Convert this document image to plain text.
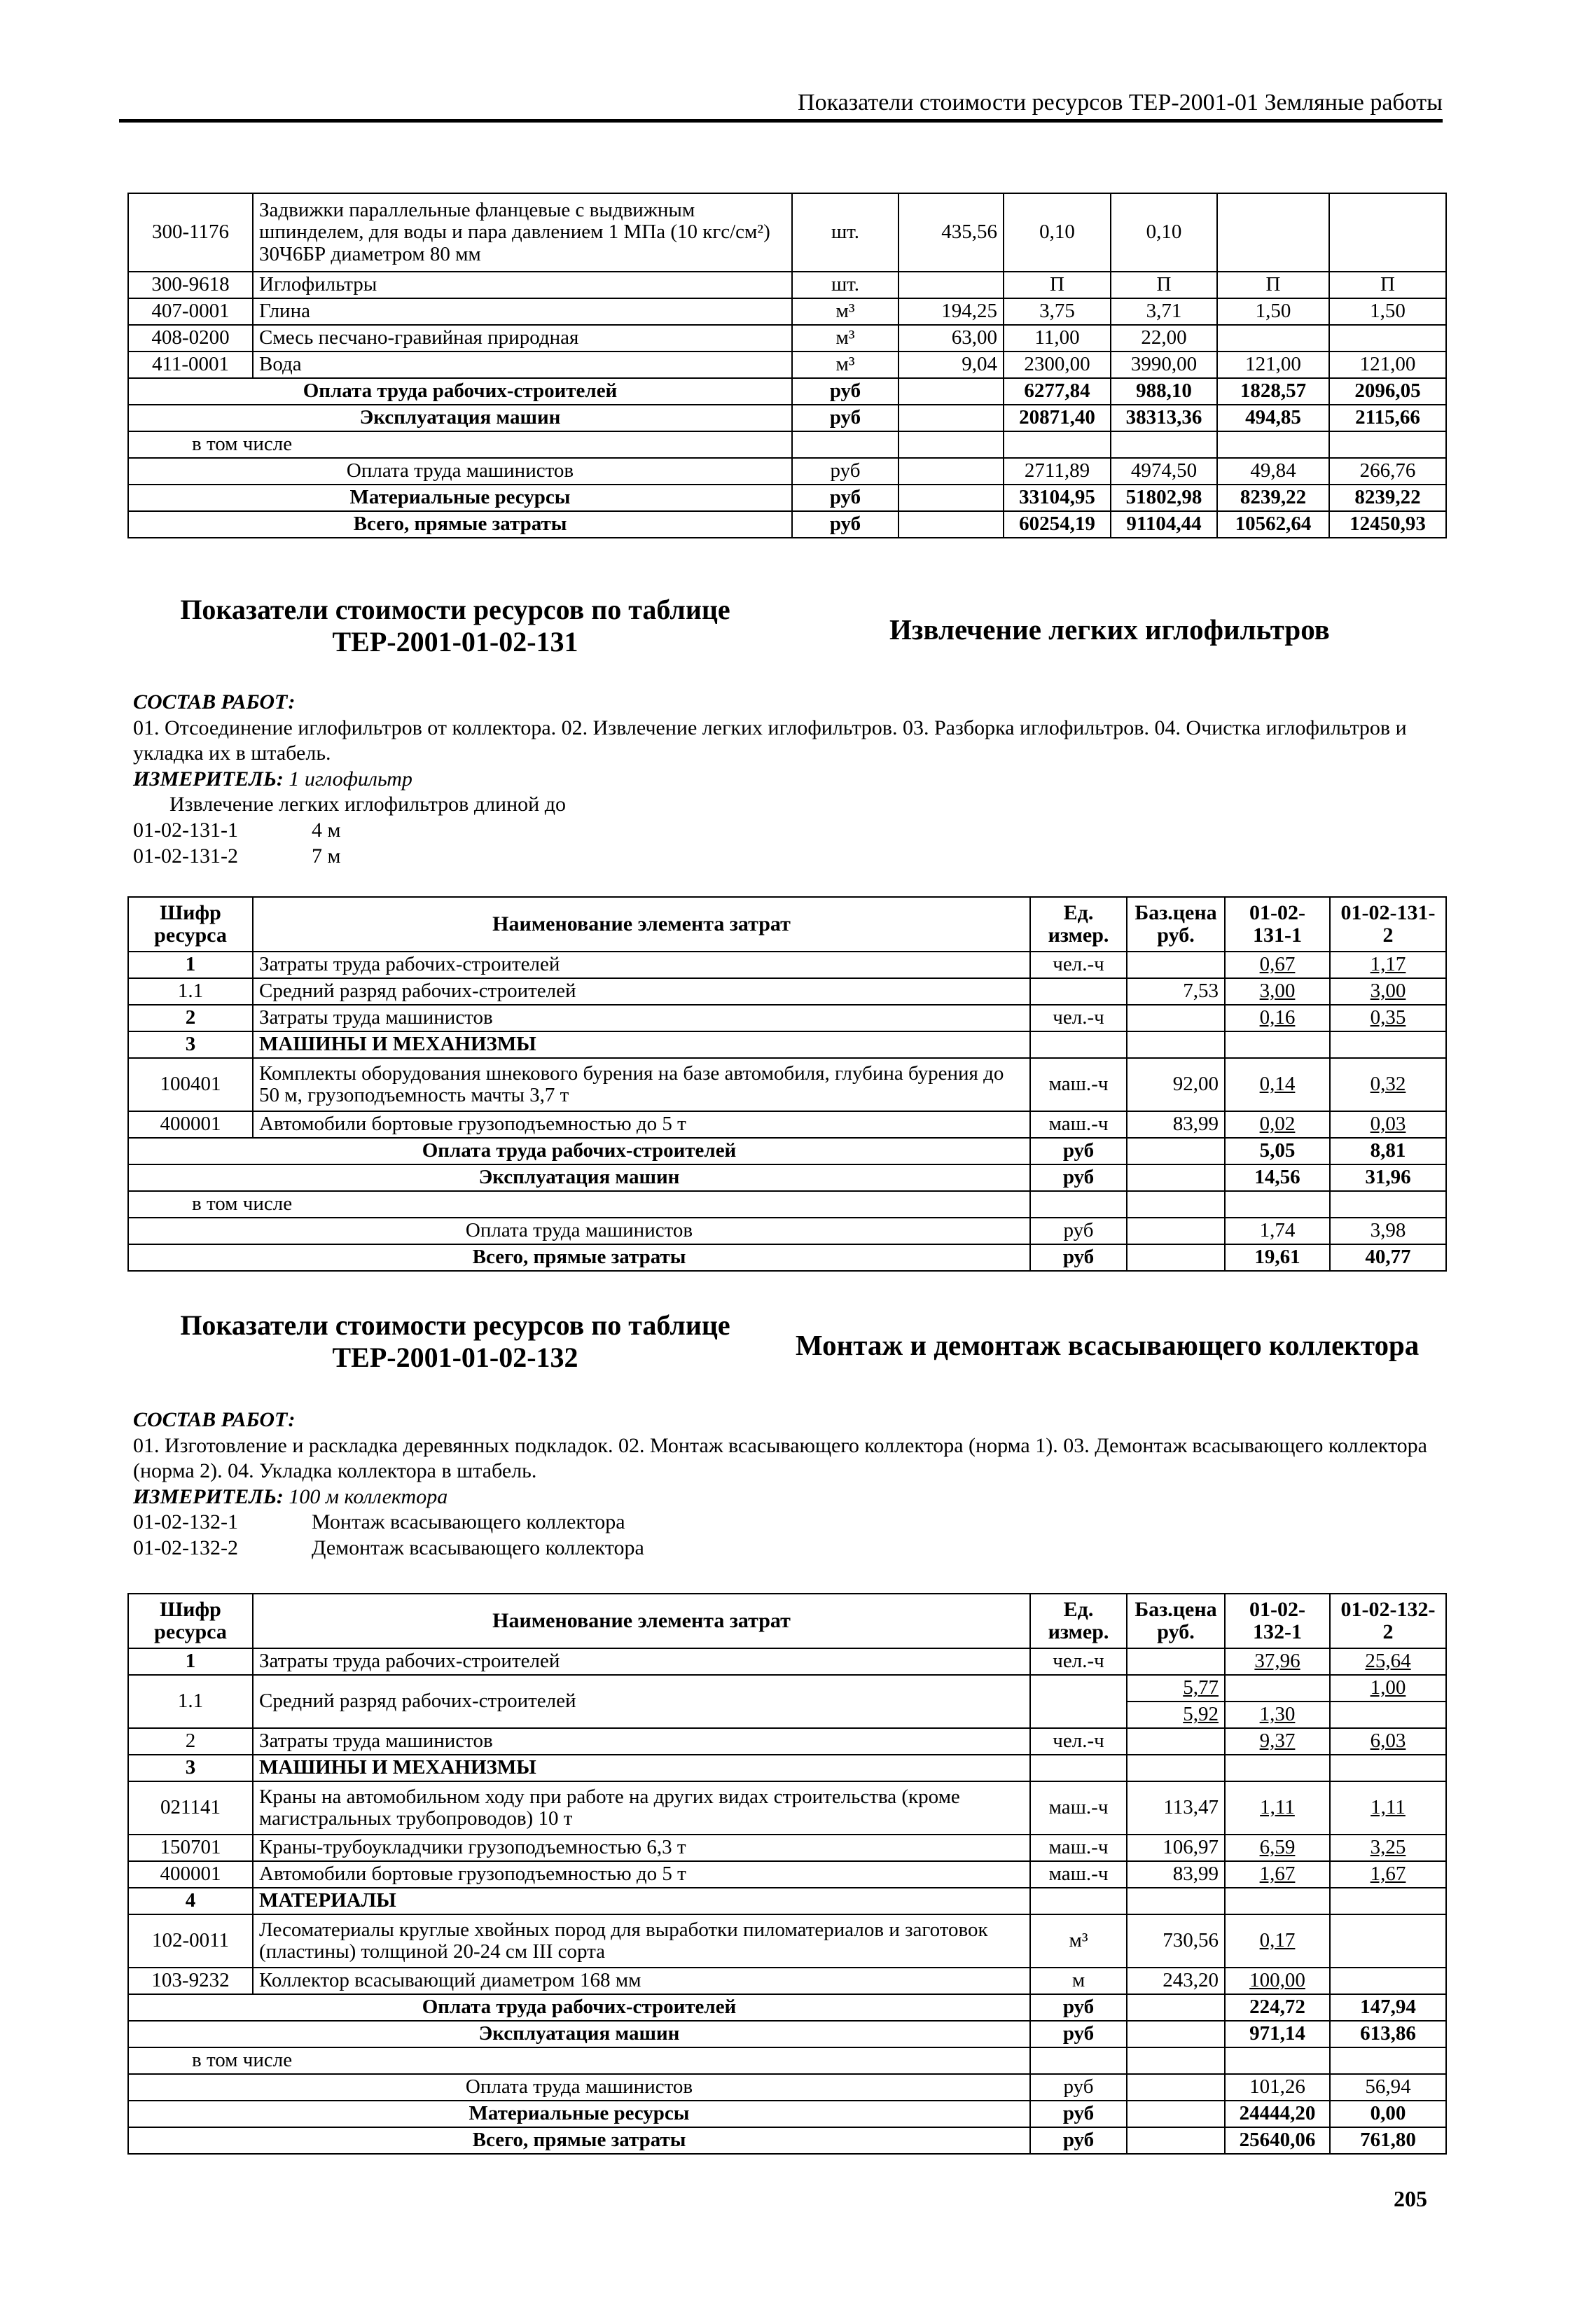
Показатели стоимости ресурсов ТЕР-2001-01 Земляные работы
300-1176	Задвижки параллельные фланцевые с выдвижным шпинделем, для воды и пара давлением 1 МПа (10 кгс/см²) 30Ч6БР диаметром 80 мм	шт.	435,56	0,10	0,10		
300-9618	Иглофильтры	шт.		П	П	П	П
407-0001	Глина	м³	194,25	3,75	3,71	1,50	1,50
408-0200	Смесь песчано-гравийная природная	м³	63,00	11,00	22,00		
411-0001	Вода	м³	9,04	2300,00	3990,00	121,00	121,00
Оплата труда рабочих-строителей		руб		6277,84	988,10	1828,57	2096,05
Эксплуатация машин		руб		20871,40	38313,36	494,85	2115,66
в том числе							
Оплата труда машинистов		руб		2711,89	4974,50	49,84	266,76
Материальные ресурсы		руб		33104,95	51802,98	8239,22	8239,22
Всего, прямые затраты		руб		60254,19	91104,44	10562,64	12450,93
Показатели стоимости ресурсов по таблице
ТЕР-2001-01-02-131	Извлечение легких иглофильтров
СОСТАВ РАБОТ:
01. Отсоединение иглофильтров от коллектора. 02. Извлечение легких иглофильтров. 03. Разборка иглофильтров. 04. Очистка иглофильтров и укладка их в штабель.
ИЗМЕРИТЕЛЬ: 1 иглофильтр
Извлечение легких иглофильтров длиной до
01-02-131-1	4 м
01-02-131-2	7 м
Шифр ресурса	Наименование элемента затрат	Ед. измер.	Баз.цена руб.	01-02-131-1	01-02-131-2
1	Затраты труда рабочих-строителей	чел.-ч		0,67	1,17
1.1	Средний разряд рабочих-строителей		7,53	3,00	3,00
2	Затраты труда машинистов	чел.-ч		0,16	0,35
3	МАШИНЫ И МЕХАНИЗМЫ				
100401	Комплекты оборудования шнекового бурения на базе автомобиля, глубина бурения до 50 м, грузоподъемность мачты 3,7 т	маш.-ч	92,00	0,14	0,32
400001	Автомобили бортовые грузоподъемностью до 5 т	маш.-ч	83,99	0,02	0,03
Оплата труда рабочих-строителей		руб		5,05	8,81
Эксплуатация машин		руб		14,56	31,96
в том числе					
Оплата труда машинистов		руб		1,74	3,98
Всего, прямые затраты		руб		19,61	40,77
Показатели стоимости ресурсов по таблице
ТЕР-2001-01-02-132	Монтаж и демонтаж всасывающего коллектора
СОСТАВ РАБОТ:
01. Изготовление и раскладка деревянных подкладок. 02. Монтаж всасывающего коллектора (норма 1). 03. Демонтаж всасывающего коллектора (норма 2). 04. Укладка коллектора в штабель.
ИЗМЕРИТЕЛЬ: 100 м коллектора
01-02-132-1	Монтаж всасывающего коллектора
01-02-132-2	Демонтаж всасывающего коллектора
Шифр ресурса	Наименование элемента затрат	Ед. измер.	Баз.цена руб.	01-02-132-1	01-02-132-2
1	Затраты труда рабочих-строителей	чел.-ч		37,96	25,64
1.1	Средний разряд рабочих-строителей		5,77		1,00
			5,92	1,30	
2	Затраты труда машинистов	чел.-ч		9,37	6,03
3	МАШИНЫ И МЕХАНИЗМЫ				
021141	Краны на автомобильном ходу при работе на других видах строительства (кроме магистральных трубопроводов) 10 т	маш.-ч	113,47	1,11	1,11
150701	Краны-трубоукладчики грузоподъемностью 6,3 т	маш.-ч	106,97	6,59	3,25
400001	Автомобили бортовые грузоподъемностью до 5 т	маш.-ч	83,99	1,67	1,67
4	МАТЕРИАЛЫ				
102-0011	Лесоматериалы круглые хвойных пород для выработки пиломатериалов и заготовок (пластины) толщиной 20-24 см III сорта	м³	730,56	0,17	
103-9232	Коллектор всасывающий диаметром 168 мм	м	243,20	100,00	
Оплата труда рабочих-строителей		руб		224,72	147,94
Эксплуатация машин		руб		971,14	613,86
в том числе					
Оплата труда машинистов		руб		101,26	56,94
Материальные ресурсы		руб		24444,20	0,00
Всего, прямые затраты		руб		25640,06	761,80
205
